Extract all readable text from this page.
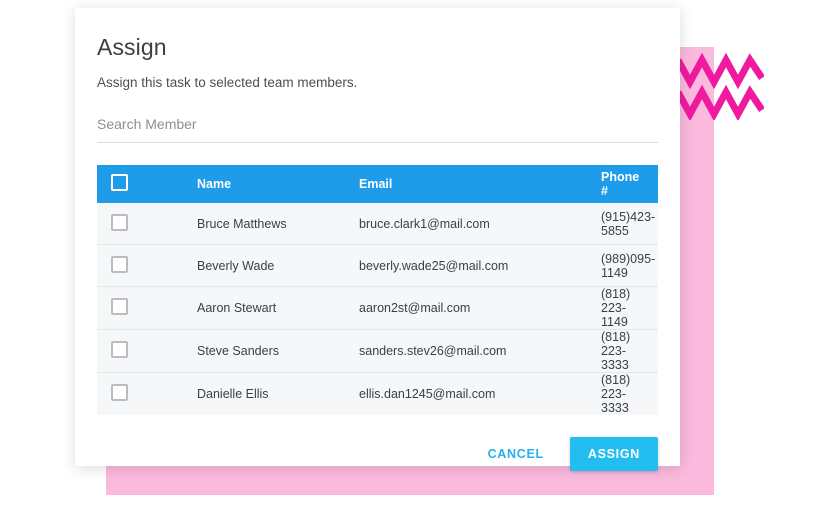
Assign

Assign this task to selected team members.

Search Member
	Name	Email	Phone #
	Bruce Matthews	bruce.clark1@mail.com	(915)423-5855
	Beverly Wade	beverly.wade25@mail.com	(989)095-1149
	Aaron Stewart	aaron2st@mail.com	(818) 223-1149
	Steve Sanders	sanders.stev26@mail.com	(818) 223-3333
	Danielle Ellis	ellis.dan1245@mail.com	(818) 223-3333
CANCEL	ASSIGN
